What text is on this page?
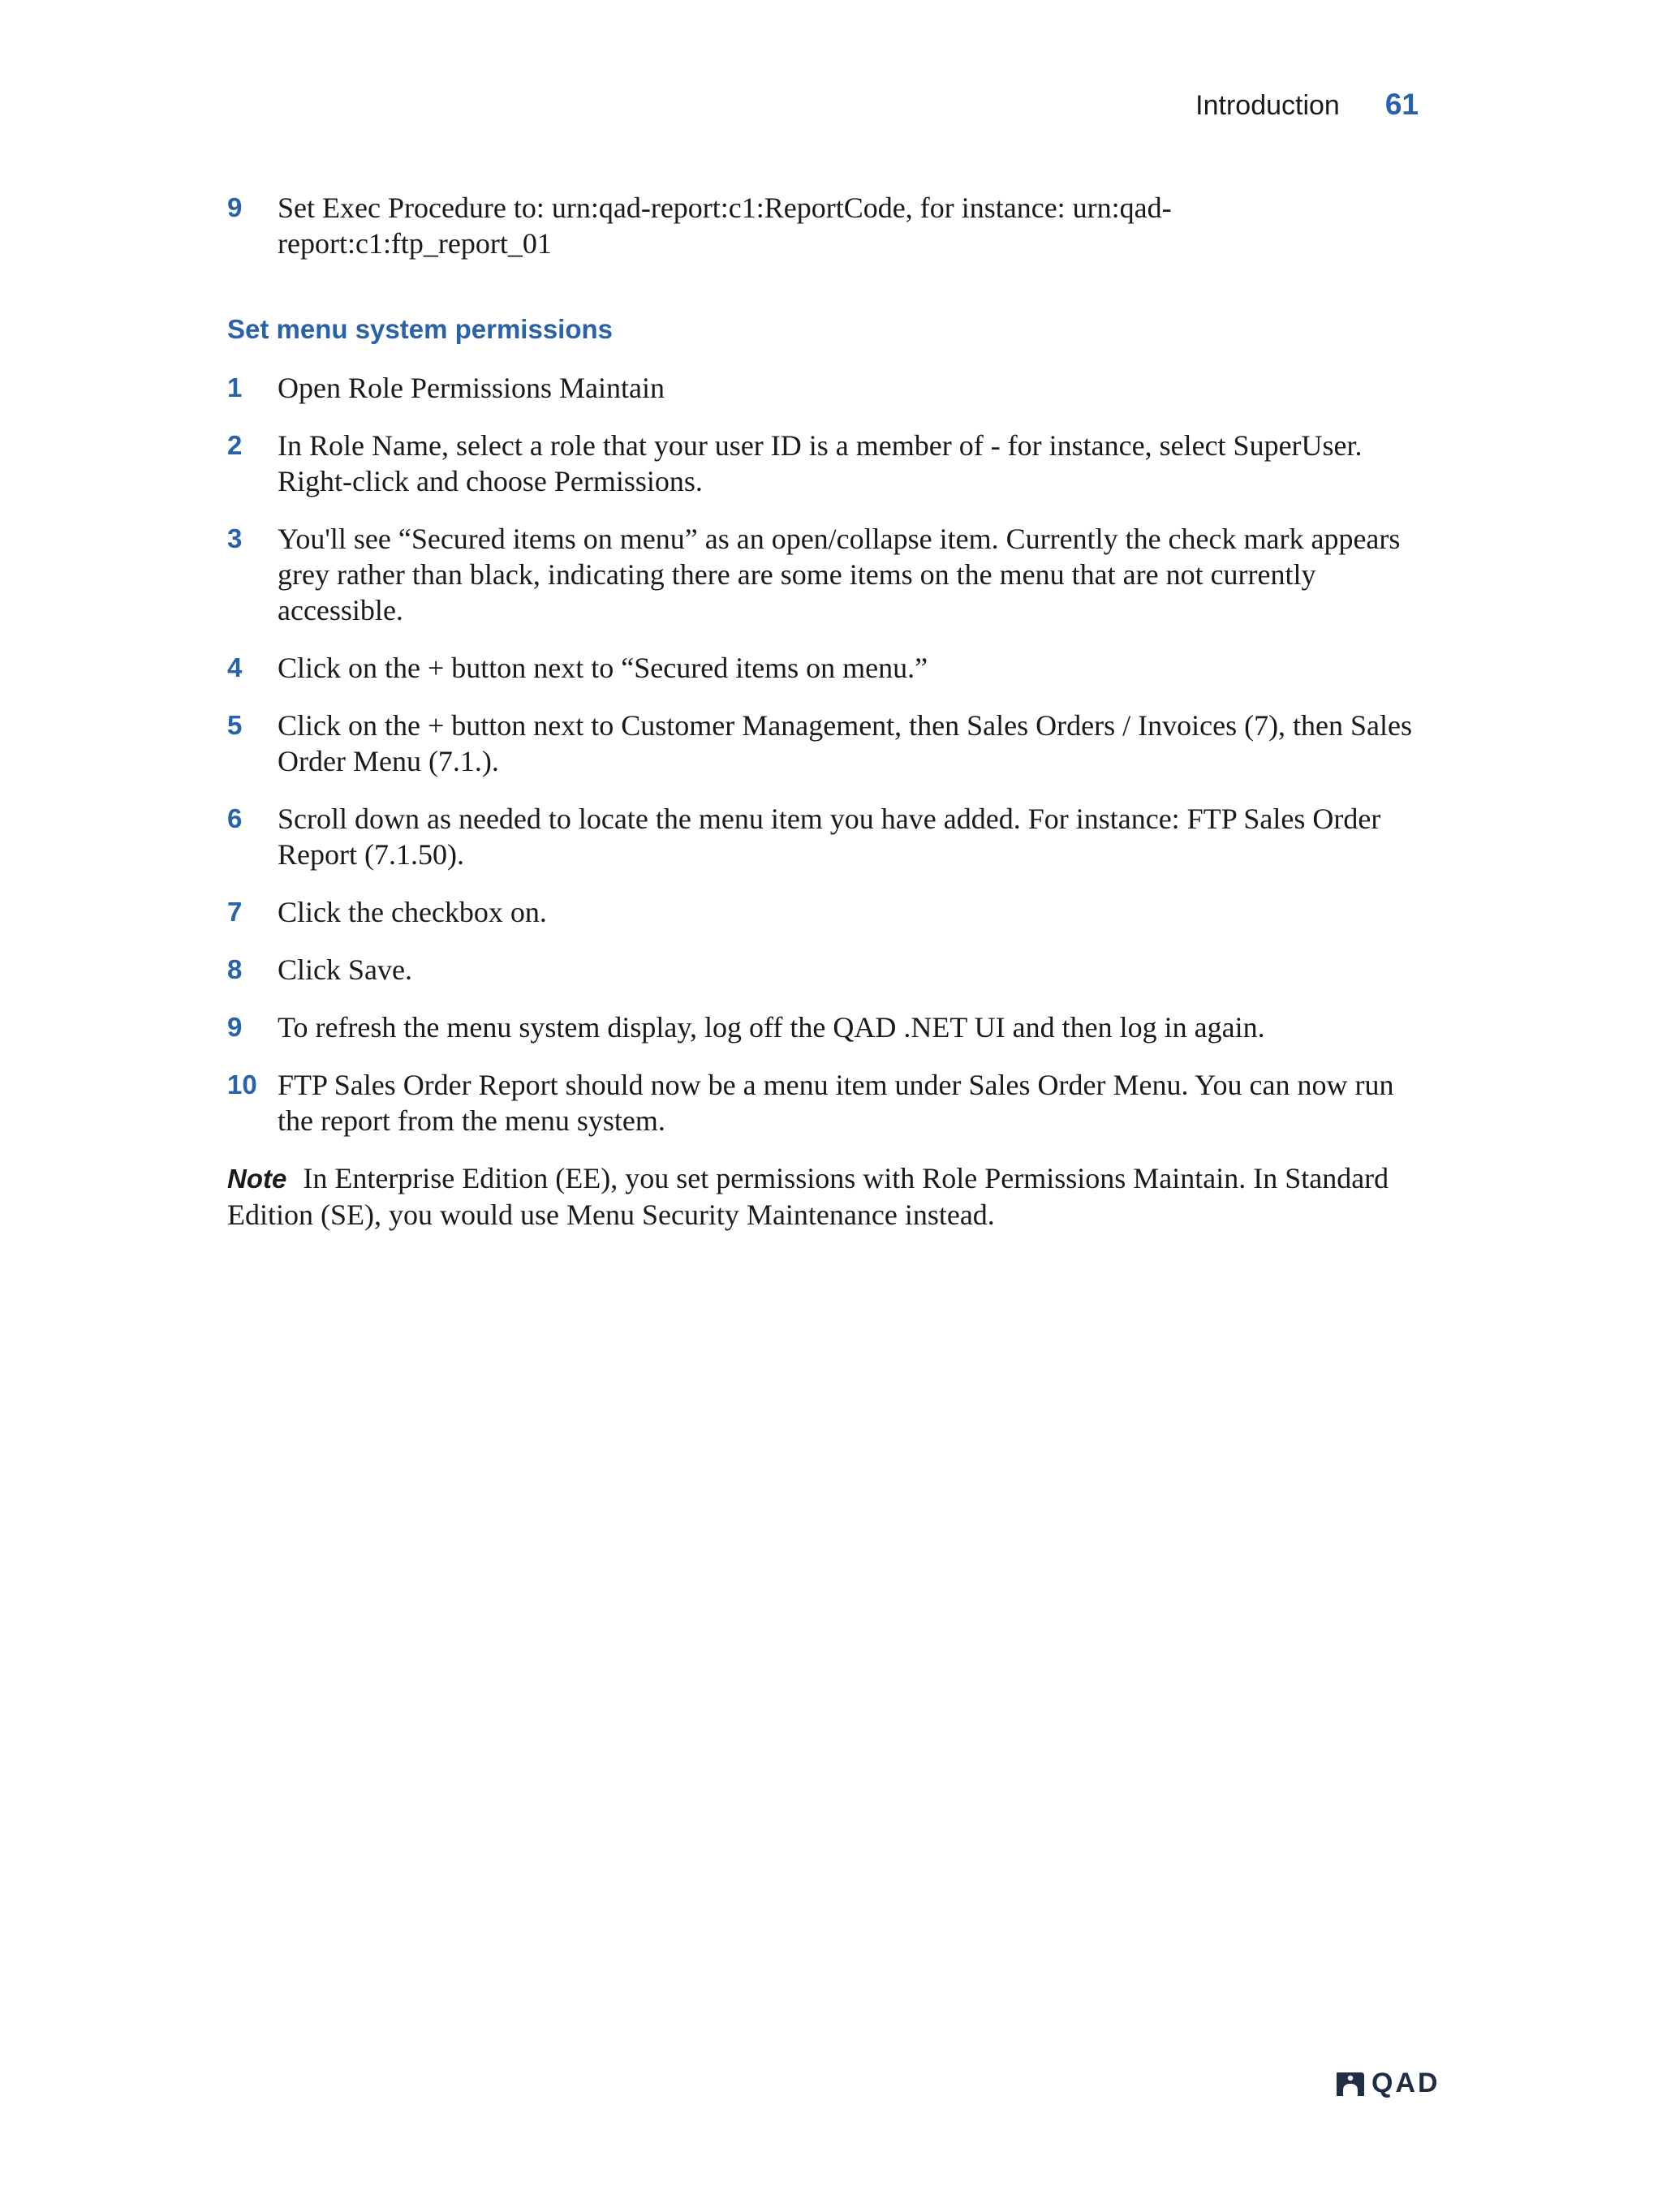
Introduction 61
9	Set Exec Procedure to: urn:qad-report:c1:ReportCode, for instance: urn:qad-report:c1:ftp_report_01
Set menu system permissions
1	Open Role Permissions Maintain
2	In Role Name, select a role that your user ID is a member of - for instance, select SuperUser. Right-click and choose Permissions.
3	You'll see “Secured items on menu” as an open/collapse item. Currently the check mark appears grey rather than black, indicating there are some items on the menu that are not currently accessible.
4	Click on the + button next to “Secured items on menu.”
5	Click on the + button next to Customer Management, then Sales Orders / Invoices (7), then Sales Order Menu (7.1.).
6	Scroll down as needed to locate the menu item you have added. For instance: FTP Sales Order Report (7.1.50).
7	Click the checkbox on.
8	Click Save.
9	To refresh the menu system display, log off the QAD .NET UI and then log in again.
10 FTP Sales Order Report should now be a menu item under Sales Order Menu. You can now run the report from the menu system.
Note In Enterprise Edition (EE), you set permissions with Role Permissions Maintain. In Standard Edition (SE), you would use Menu Security Maintenance instead.
QAD
